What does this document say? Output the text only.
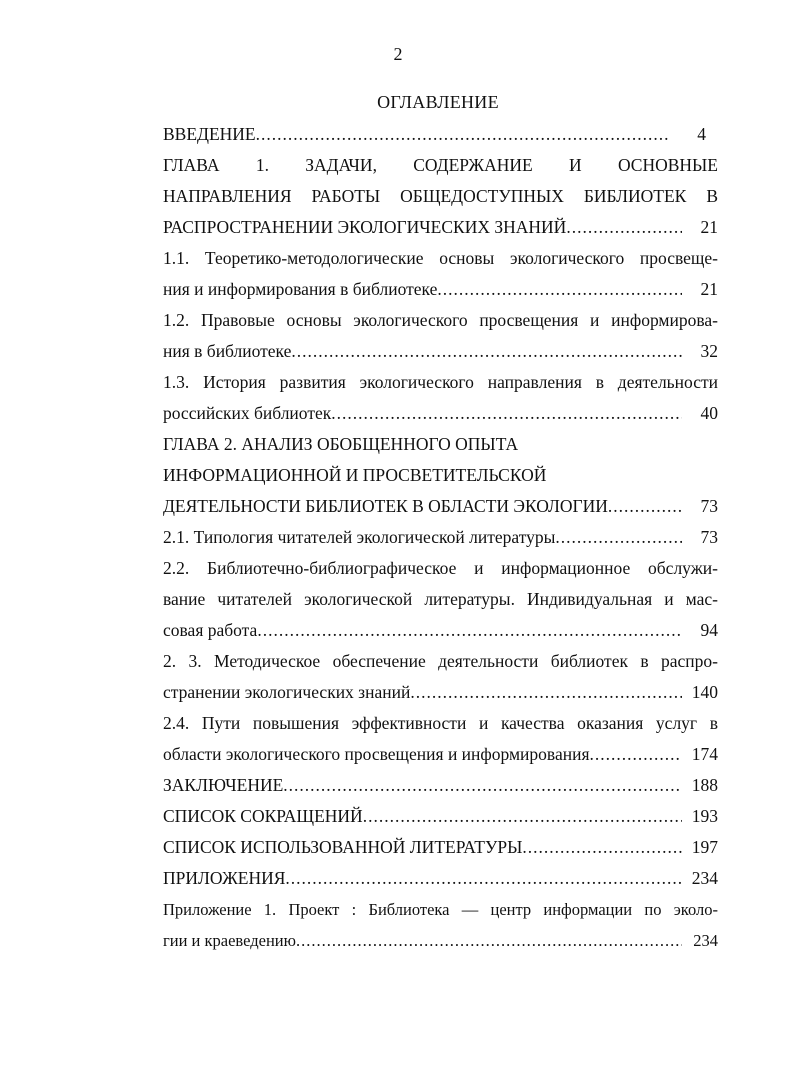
2
ОГЛАВЛЕНИЕ
ВВЕДЕНИЕ .....	4
ГЛАВА 1. ЗАДАЧИ, СОДЕРЖАНИЕ И ОСНОВНЫЕ
НАПРАВЛЕНИЯ РАБОТЫ ОБЩЕДОСТУПНЫХ БИБЛИОТЕК В
РАСПРОСТРАНЕНИИ ЭКОЛОГИЧЕСКИХ ЗНАНИЙ .....	21
1.1. Теоретико-методологические основы экологического просвеще-
ния и информирования в библиотеке .....	21
1.2. Правовые основы экологического просвещения и информирова-
ния в библиотеке .....	32
1.3. История развития экологического направления в деятельности
российских библиотек .....	40
ГЛАВА 2. АНАЛИЗ ОБОБЩЕННОГО ОПЫТА
ИНФОРМАЦИОННОЙ И ПРОСВЕТИТЕЛЬСКОЙ
ДЕЯТЕЛЬНОСТИ БИБЛИОТЕК В ОБЛАСТИ ЭКОЛОГИИ .....	73
2.1. Типология читателей экологической литературы .....	73
2.2. Библиотечно-библиографическое и информационное обслужи-
вание читателей экологической литературы. Индивидуальная и мас-
совая работа .....	94
2. 3. Методическое обеспечение деятельности библиотек в распро-
странении экологических знаний .....	140
2.4. Пути повышения эффективности и качества оказания услуг в
области экологического просвещения и информирования .....	174
ЗАКЛЮЧЕНИЕ .....	188
СПИСОК СОКРАЩЕНИЙ .....	193
СПИСОК ИСПОЛЬЗОВАННОЙ ЛИТЕРАТУРЫ .....	197
ПРИЛОЖЕНИЯ .....	234
Приложение 1. Проект : Библиотека — центр информации по эколо-
гии и краеведению .....	234
